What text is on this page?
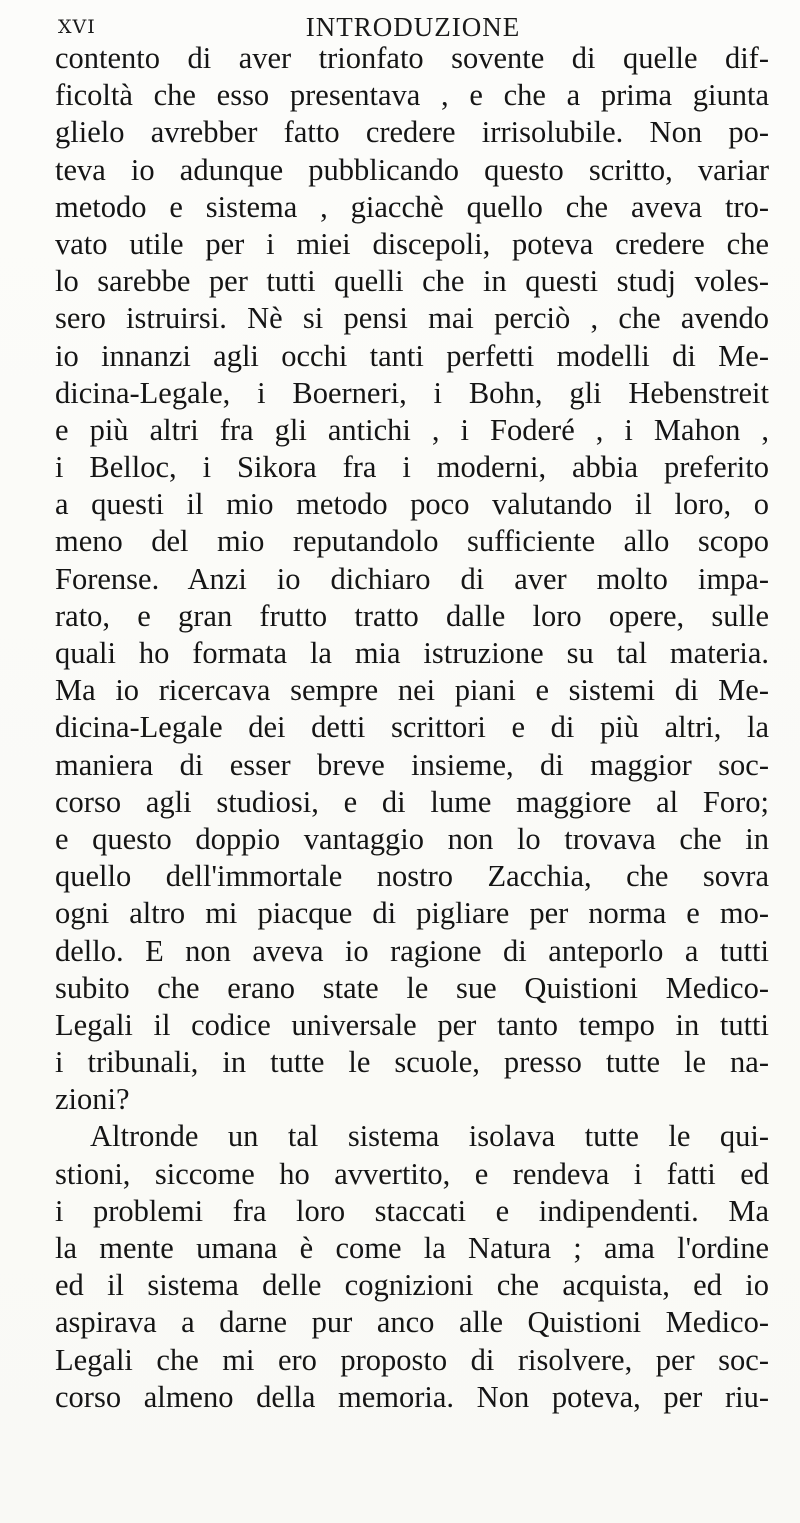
XVI	INTRODUZIONE
contento di aver trionfato sovente di quelle dif-
ficoltà che esso presentava , e che a prima giunta
glielo avrebber fatto credere irrisolubile. Non po-
teva io adunque pubblicando questo scritto, variar
metodo e sistema , giacchè quello che aveva tro-
vato utile per i miei discepoli, poteva credere che
lo sarebbe per tutti quelli che in questi studj voles-
sero istruirsi. Nè si pensi mai perciò , che avendo
io innanzi agli occhi tanti perfetti modelli di Me-
dicina-Legale, i Boerneri, i Bohn, gli Hebenstreit
e più altri fra gli antichi , i Foderé , i Mahon ,
i Belloc, i Sikora fra i moderni, abbia preferito
a questi il mio metodo poco valutando il loro, o
meno del mio reputandolo sufficiente allo scopo
Forense. Anzi io dichiaro di aver molto impa-
rato, e gran frutto tratto dalle loro opere, sulle
quali ho formata la mia istruzione su tal materia.
Ma io ricercava sempre nei piani e sistemi di Me-
dicina-Legale dei detti scrittori e di più altri, la
maniera di esser breve insieme, di maggior soc-
corso agli studiosi, e di lume maggiore al Foro;
e questo doppio vantaggio non lo trovava che in
quello dell'immortale nostro Zacchia, che sovra
ogni altro mi piacque di pigliare per norma e mo-
dello. E non aveva io ragione di anteporlo a tutti
subito che erano state le sue Quistioni Medico-
Legali il codice universale per tanto tempo in tutti
i tribunali, in tutte le scuole, presso tutte le na-
zioni?
Altronde un tal sistema isolava tutte le qui-
stioni, siccome ho avvertito, e rendeva i fatti ed
i problemi fra loro staccati e indipendenti. Ma
la mente umana è come la Natura ; ama l'ordine
ed il sistema delle cognizioni che acquista, ed io
aspirava a darne pur anco alle Quistioni Medico-
Legali che mi ero proposto di risolvere, per soc-
corso almeno della memoria. Non poteva, per riu-
